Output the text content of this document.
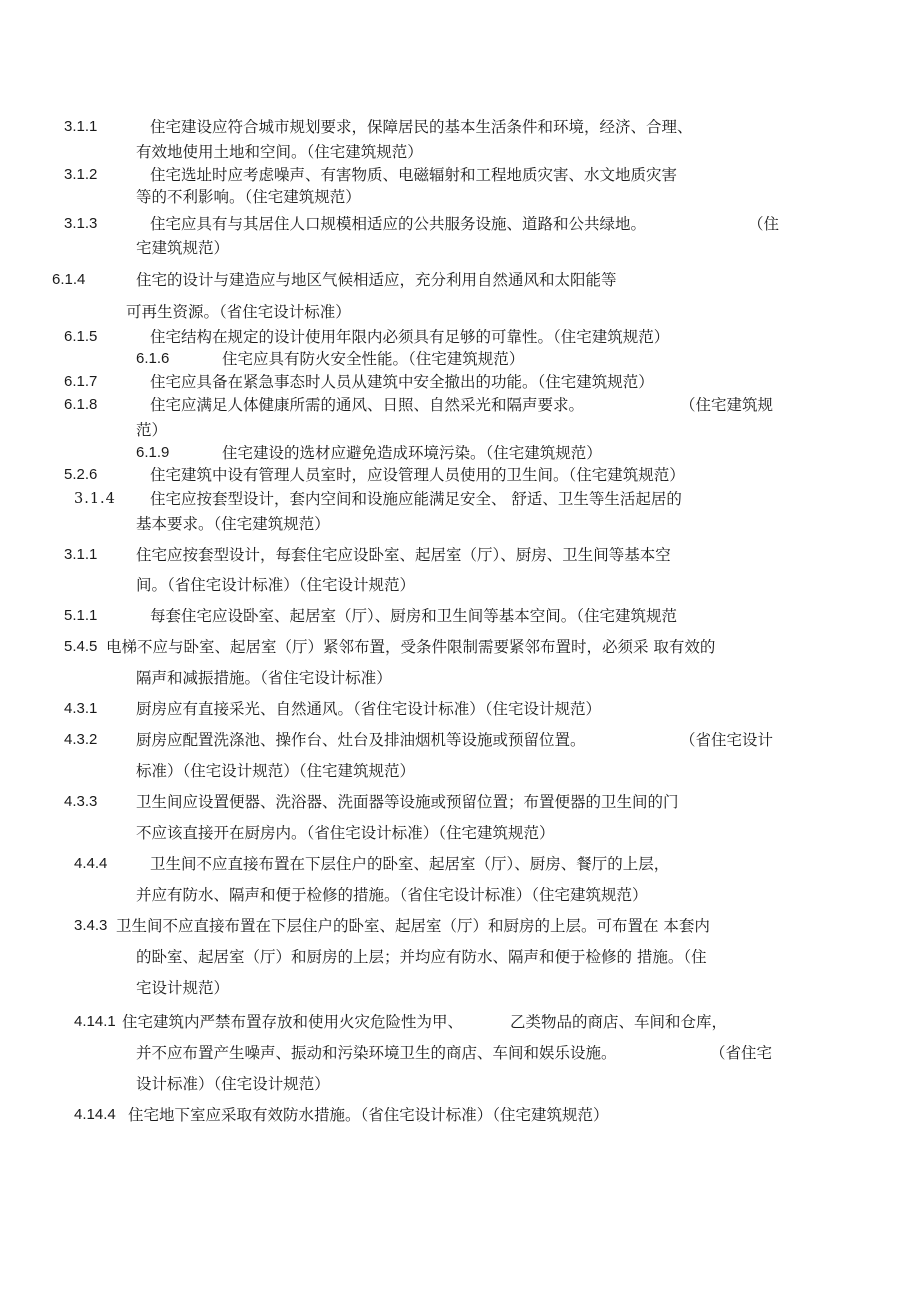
3.1.1	住宅建设应符合城市规划要求，保障居民的基本生活条件和环境，经济、合理、
有效地使用土地和空间。（住宅建筑规范）
3.1.2	住宅选址时应考虑噪声、有害物质、电磁辐射和工程地质灾害、水文地质灾害
等的不利影响。（住宅建筑规范）
3.1.3	住宅应具有与其居住人口规模相适应的公共服务设施、道路和公共绿地。	（住
宅建筑规范）
6.1.4	住宅的设计与建造应与地区气候相适应，充分利用自然通风和太阳能等
可再生资源。（省住宅设计标准）
6.1.5	住宅结构在规定的设计使用年限内必须具有足够的可靠性。（住宅建筑规范）
6.1.6	住宅应具有防火安全性能。（住宅建筑规范）
6.1.7	住宅应具备在紧急事态时人员从建筑中安全撤出的功能。（住宅建筑规范）
6.1.8	住宅应满足人体健康所需的通风、日照、自然采光和隔声要求。	（住宅建筑规
范）
6.1.9	住宅建设的选材应避免造成环境污染。（住宅建筑规范）
5.2.6	住宅建筑中设有管理人员室时，应设管理人员使用的卫生间。（住宅建筑规范）
3.1.4 住宅应按套型设计，套内空间和设施应能满足安全、 舒适、卫生等生活起居的
基本要求。（住宅建筑规范）
3.1.1 住宅应按套型设计，每套住宅应设卧室、起居室（厅）、厨房、卫生间等基本空
间。（省住宅设计标准）（住宅设计规范）
5.1.1	每套住宅应设卧室、起居室（厅）、厨房和卫生间等基本空间。（住宅建筑规范
5.4.5 电梯不应与卧室、起居室（厅）紧邻布置，受条件限制需要紧邻布置时，必须采 取有效的
隔声和减振措施。（省住宅设计标准）
4.3.1 厨房应有直接采光、自然通风。（省住宅设计标准）（住宅设计规范）
4.3.2 厨房应配置洗涤池、操作台、灶台及排油烟机等设施或预留位置。	（省住宅设计
标准）（住宅设计规范）（住宅建筑规范）
4.3.3 卫生间应设置便器、洗浴器、洗面器等设施或预留位置；布置便器的卫生间的门
不应该直接开在厨房内。（省住宅设计标准）（住宅建筑规范）
4.4.4	卫生间不应直接布置在下层住户的卧室、起居室（厅）、厨房、餐厅的上层，
并应有防水、隔声和便于检修的措施。（省住宅设计标准）（住宅建筑规范）
3.4.3 卫生间不应直接布置在下层住户的卧室、起居室（厅）和厨房的上层。可布置在 本套内
的卧室、起居室（厅）和厨房的上层；并均应有防水、隔声和便于检修的 措施。（住
宅设计规范）
4.14.1 住宅建筑内严禁布置存放和使用火灾危险性为甲、	乙类物品的商店、车间和仓库，
并不应布置产生噪声、振动和污染环境卫生的商店、车间和娱乐设施。	（省住宅
设计标准）（住宅设计规范）
4.14.4 住宅地下室应采取有效防水措施。（省住宅设计标准）（住宅建筑规范）
